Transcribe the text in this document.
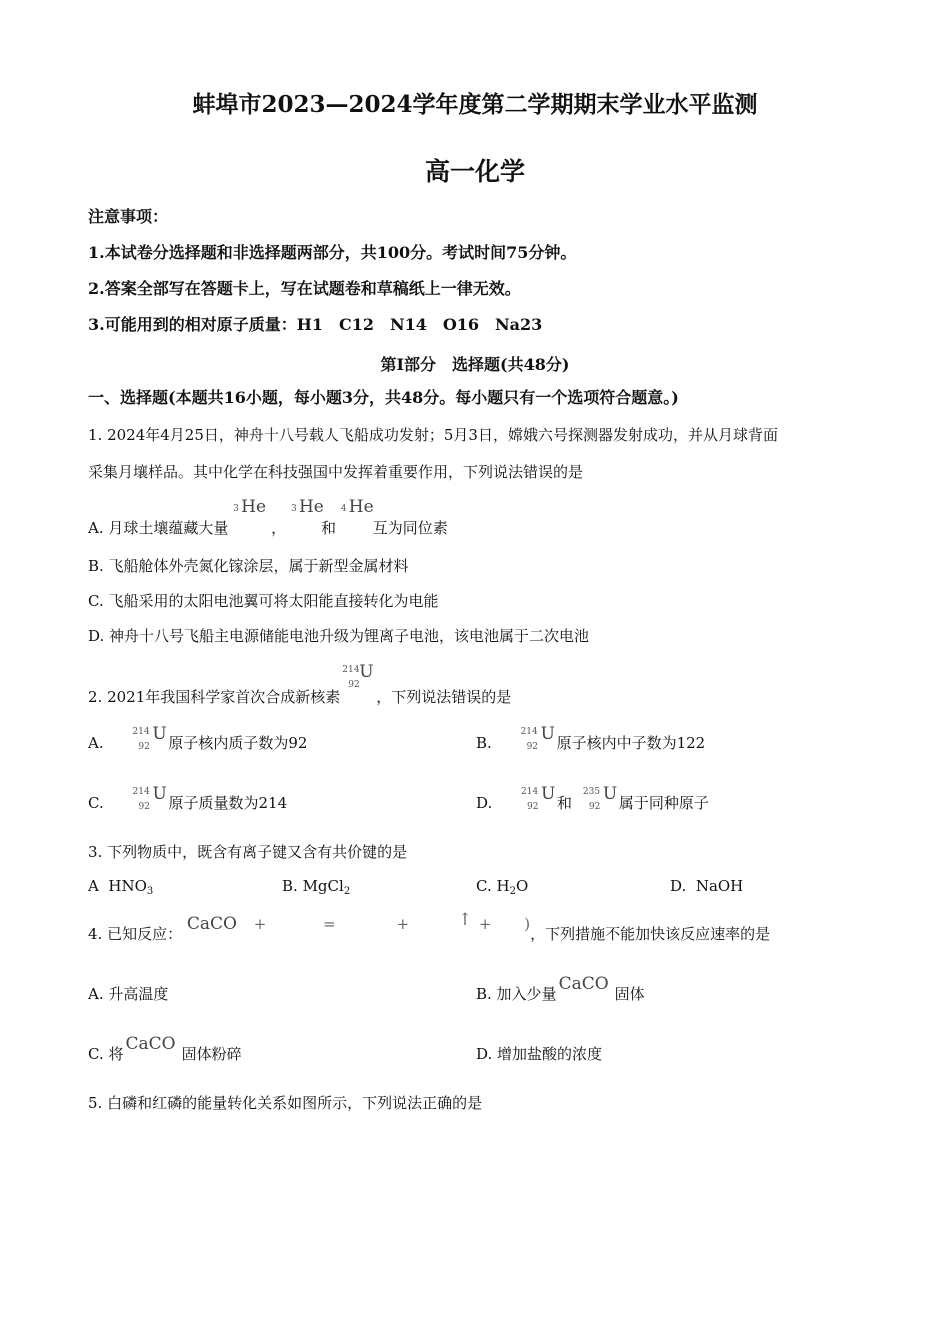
蚌埠市2023—2024学年度第二学期期末学业水平监测
高一化学
注意事项：
1.本试卷分选择题和非选择题两部分，共100分。考试时间75分钟。
2.答案全部写在答题卡上，写在试题卷和草稿纸上一律无效。
3.可能用到的相对原子质量：H1　C12　N14　O16　Na23
第I部分　选择题(共48分)
一、选择题(本题共16小题，每小题3分，共48分。每小题只有一个选项符合题意。)
1. 2024年4月25日，神舟十八号载人飞船成功发射；5月3日，嫦娥六号探测器发射成功，并从月球背面
采集月壤样品。其中化学在科技强国中发挥着重要作用，下列说法错误的是
A. 月球土壤蕴藏大量
3 He
，
3 He
和
4 He
互为同位素
B. 飞船舱体外壳氮化镓涂层，属于新型金属材料
C. 飞船采用的太阳电池翼可将太阳能直接转化为电能
D. 神舟十八号飞船主电源储能电池升级为锂离子电池，该电池属于二次电池
2. 2021年我国科学家首次合成新核素
214
92
U
，下列说法错误的是
A.
214
92
U 原子核内质子数为92	B.
214
92
U 原子核内中子数为122
C.
214
92
U 原子质量数为214	D.
214
92
U 和
235
92
U 属于同种原子
3. 下列物质中，既含有离子键又含有共价键的是
A $HNO_3$	B. MgCl$_2$	C. $H_2O$	D. NaOH
4. 已知反应： CaCO +	=	+	↑ + )，下列措施不能加快该反应速率的是
A. 升高温度	B. 加入少量 CaCO 固体
C. 将 CaCO 固体粉碎	D. 增加盐酸的浓度
5. 白磷和红磷的能量转化关系如图所示，下列说法正确的是
